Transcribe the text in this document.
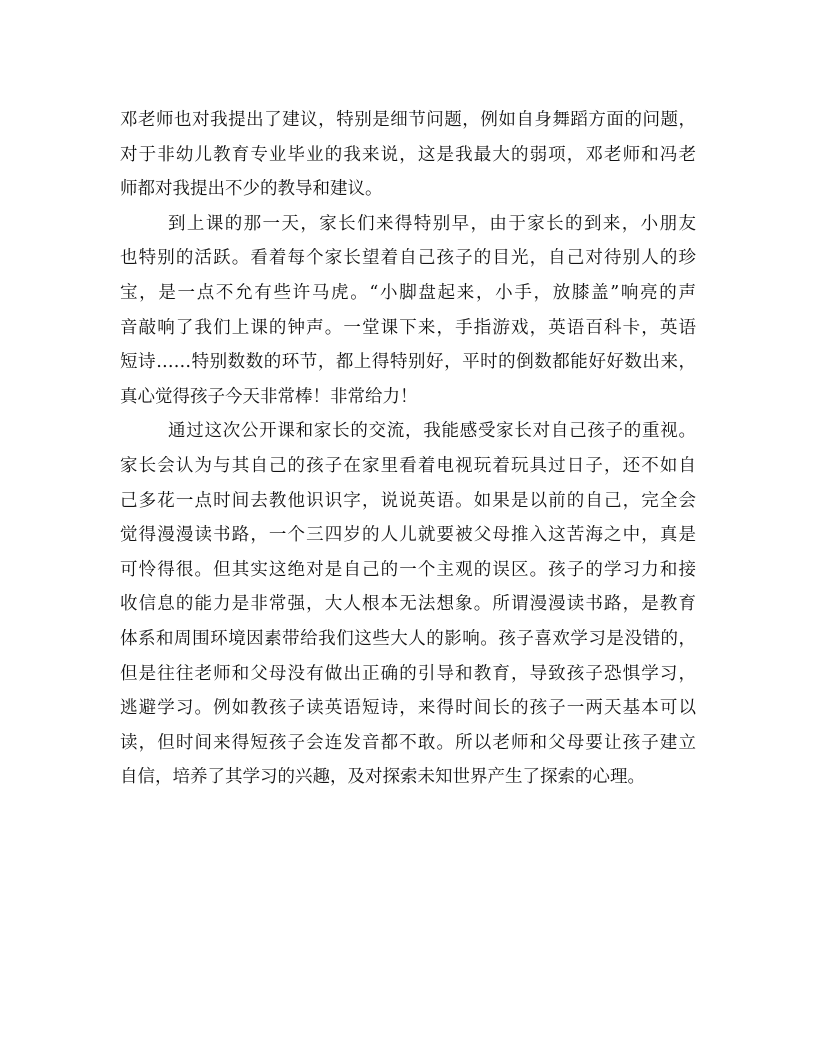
邓老师也对我提出了建议，特别是细节问题，例如自身舞蹈方面的问题，
对于非幼儿教育专业毕业的我来说，这是我最大的弱项，邓老师和冯老
师都对我提出不少的教导和建议。
到上课的那一天，家长们来得特别早，由于家长的到来，小朋友
也特别的活跃。看着每个家长望着自己孩子的目光，自己对待别人的珍
宝，是一点不允有些许马虎。“小脚盘起来，小手，放膝盖”响亮的声
音敲响了我们上课的钟声。一堂课下来，手指游戏，英语百科卡，英语
短诗……特别数数的环节，都上得特别好，平时的倒数都能好好数出来，
真心觉得孩子今天非常棒！非常给力！
通过这次公开课和家长的交流，我能感受家长对自己孩子的重视。
家长会认为与其自己的孩子在家里看着电视玩着玩具过日子，还不如自
己多花一点时间去教他识识字，说说英语。如果是以前的自己，完全会
觉得漫漫读书路，一个三四岁的人儿就要被父母推入这苦海之中，真是
可怜得很。但其实这绝对是自己的一个主观的误区。孩子的学习力和接
收信息的能力是非常强，大人根本无法想象。所谓漫漫读书路，是教育
体系和周围环境因素带给我们这些大人的影响。孩子喜欢学习是没错的，
但是往往老师和父母没有做出正确的引导和教育，导致孩子恐惧学习，
逃避学习。例如教孩子读英语短诗，来得时间长的孩子一两天基本可以
读，但时间来得短孩子会连发音都不敢。所以老师和父母要让孩子建立
自信，培养了其学习的兴趣，及对探索未知世界产生了探索的心理。
